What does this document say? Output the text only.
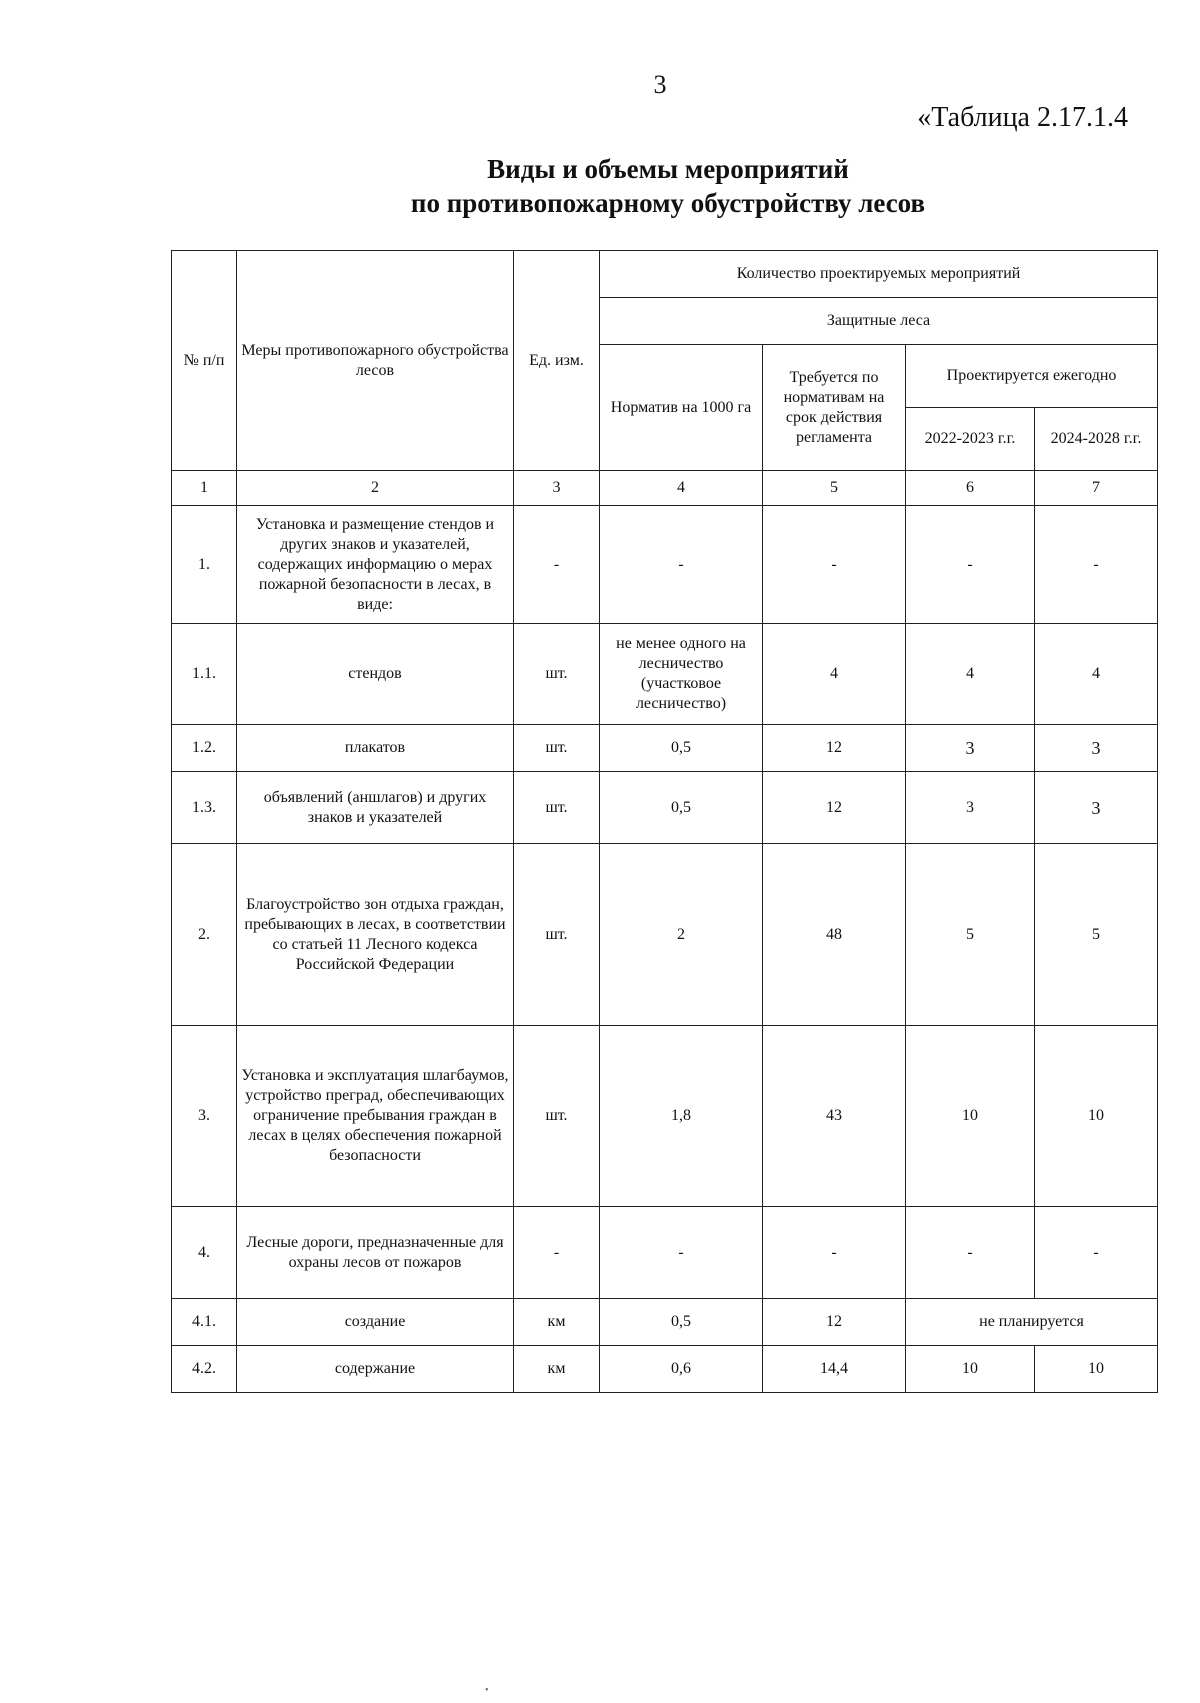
3
«Таблица 2.17.1.4
Виды и объемы мероприятий
по противопожарному обустройству лесов
№ п/п	Меры противопожарного обустройства лесов	Ед. изм.	Количество проектируемых мероприятий			
			Защитные леса			
			Норматив на 1000 га	Требуется по нормативам на срок действия регламента	Проектируется ежегодно	
					2022-2023 г.г.	2024-2028 г.г.
1	2	3	4	5	6	7
1.	Установка и размещение стендов и других знаков и указателей, содержащих информацию о мерах пожарной безопасности в лесах, в виде:	-	-	-	-	-
1.1.	стендов	шт.	не менее одного на лесничество (участковое лесничество)	4	4	4
1.2.	плакатов	шт.	0,5	12	3	3
1.3.	объявлений (аншлагов) и других знаков и указателей	шт.	0,5	12	3	3
2.	Благоустройство зон отдыха граждан, пребывающих в лесах, в соответствии со статьей 11 Лесного кодекса Российской Федерации	шт.	2	48	5	5
3.	Установка и эксплуатация шлагбаумов, устройство преград, обеспечивающих ограничение пребывания граждан в лесах в целях обеспечения пожарной безопасности	шт.	1,8	43	10	10
4.	Лесные дороги, предназначенные для охраны лесов от пожаров	-	-	-	-	-
4.1.	создание	км	0,5	12	не планируется	
4.2.	содержание	км	0,6	14,4	10	10
•
